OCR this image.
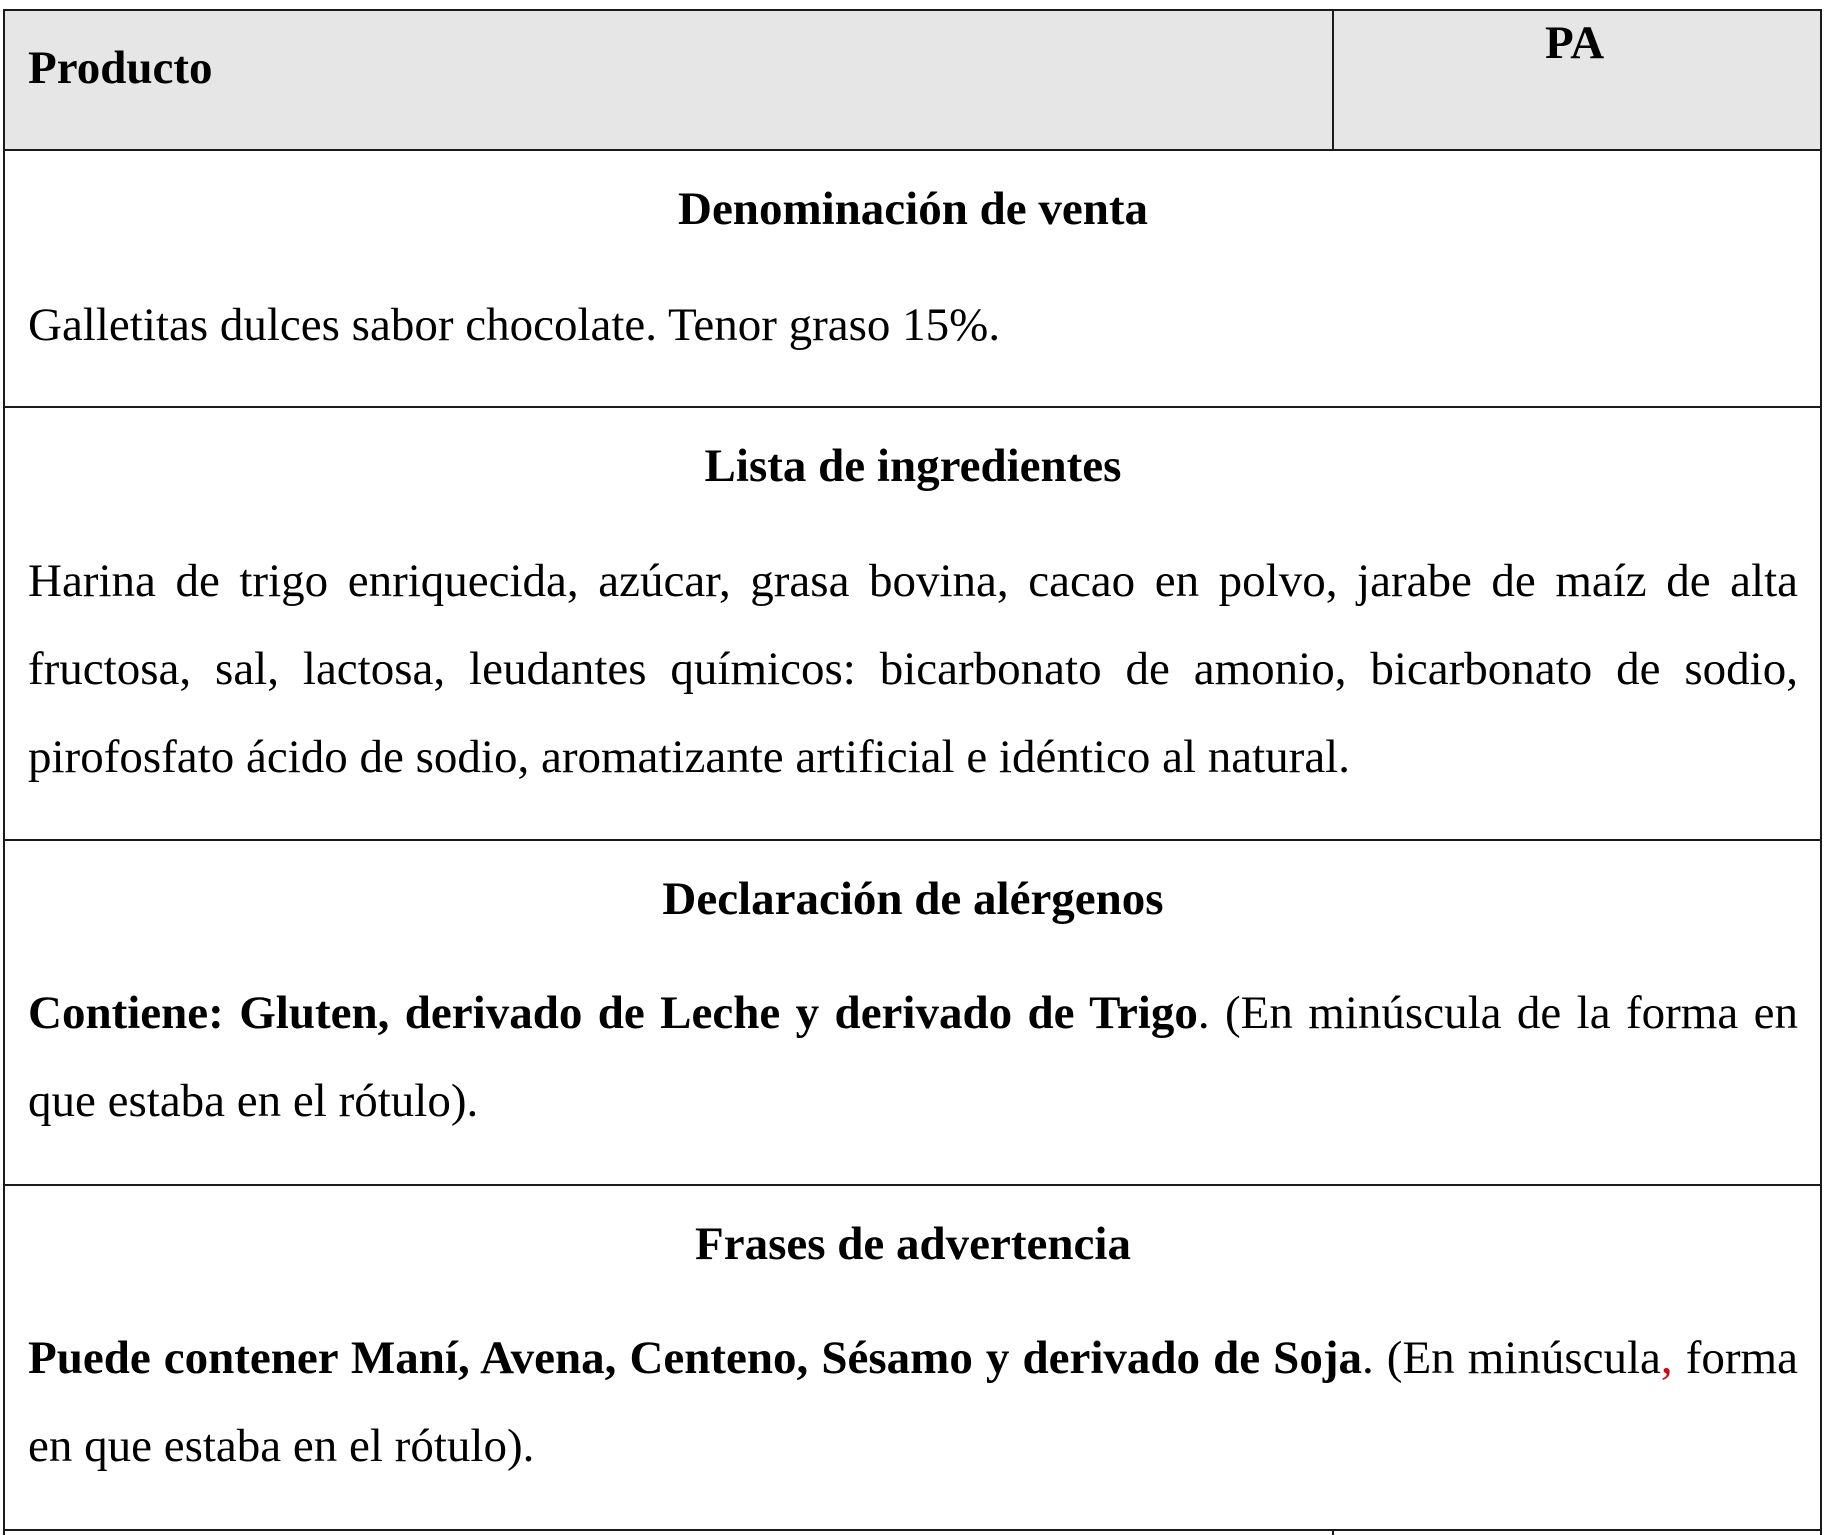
Producto	PA
Denominación de venta
Galletitas dulces sabor chocolate. Tenor graso 15%.
Lista de ingredientes

Harina de trigo enriquecida, azúcar, grasa bovina, cacao en polvo, jarabe de maíz de alta fructosa, sal, lactosa, leudantes químicos: bicarbonato de amonio, bicarbonato de sodio, pirofosfato ácido de sodio, aromatizante artificial e idéntico al natural.

Declaración de alérgenos

Contiene: Gluten, derivado de Leche y derivado de Trigo. (En minúscula de la forma en que estaba en el rótulo).

Frases de advertencia

Puede contener Maní, Avena, Centeno, Sésamo y derivado de Soja. (En minúscula, forma en que estaba en el rótulo).
